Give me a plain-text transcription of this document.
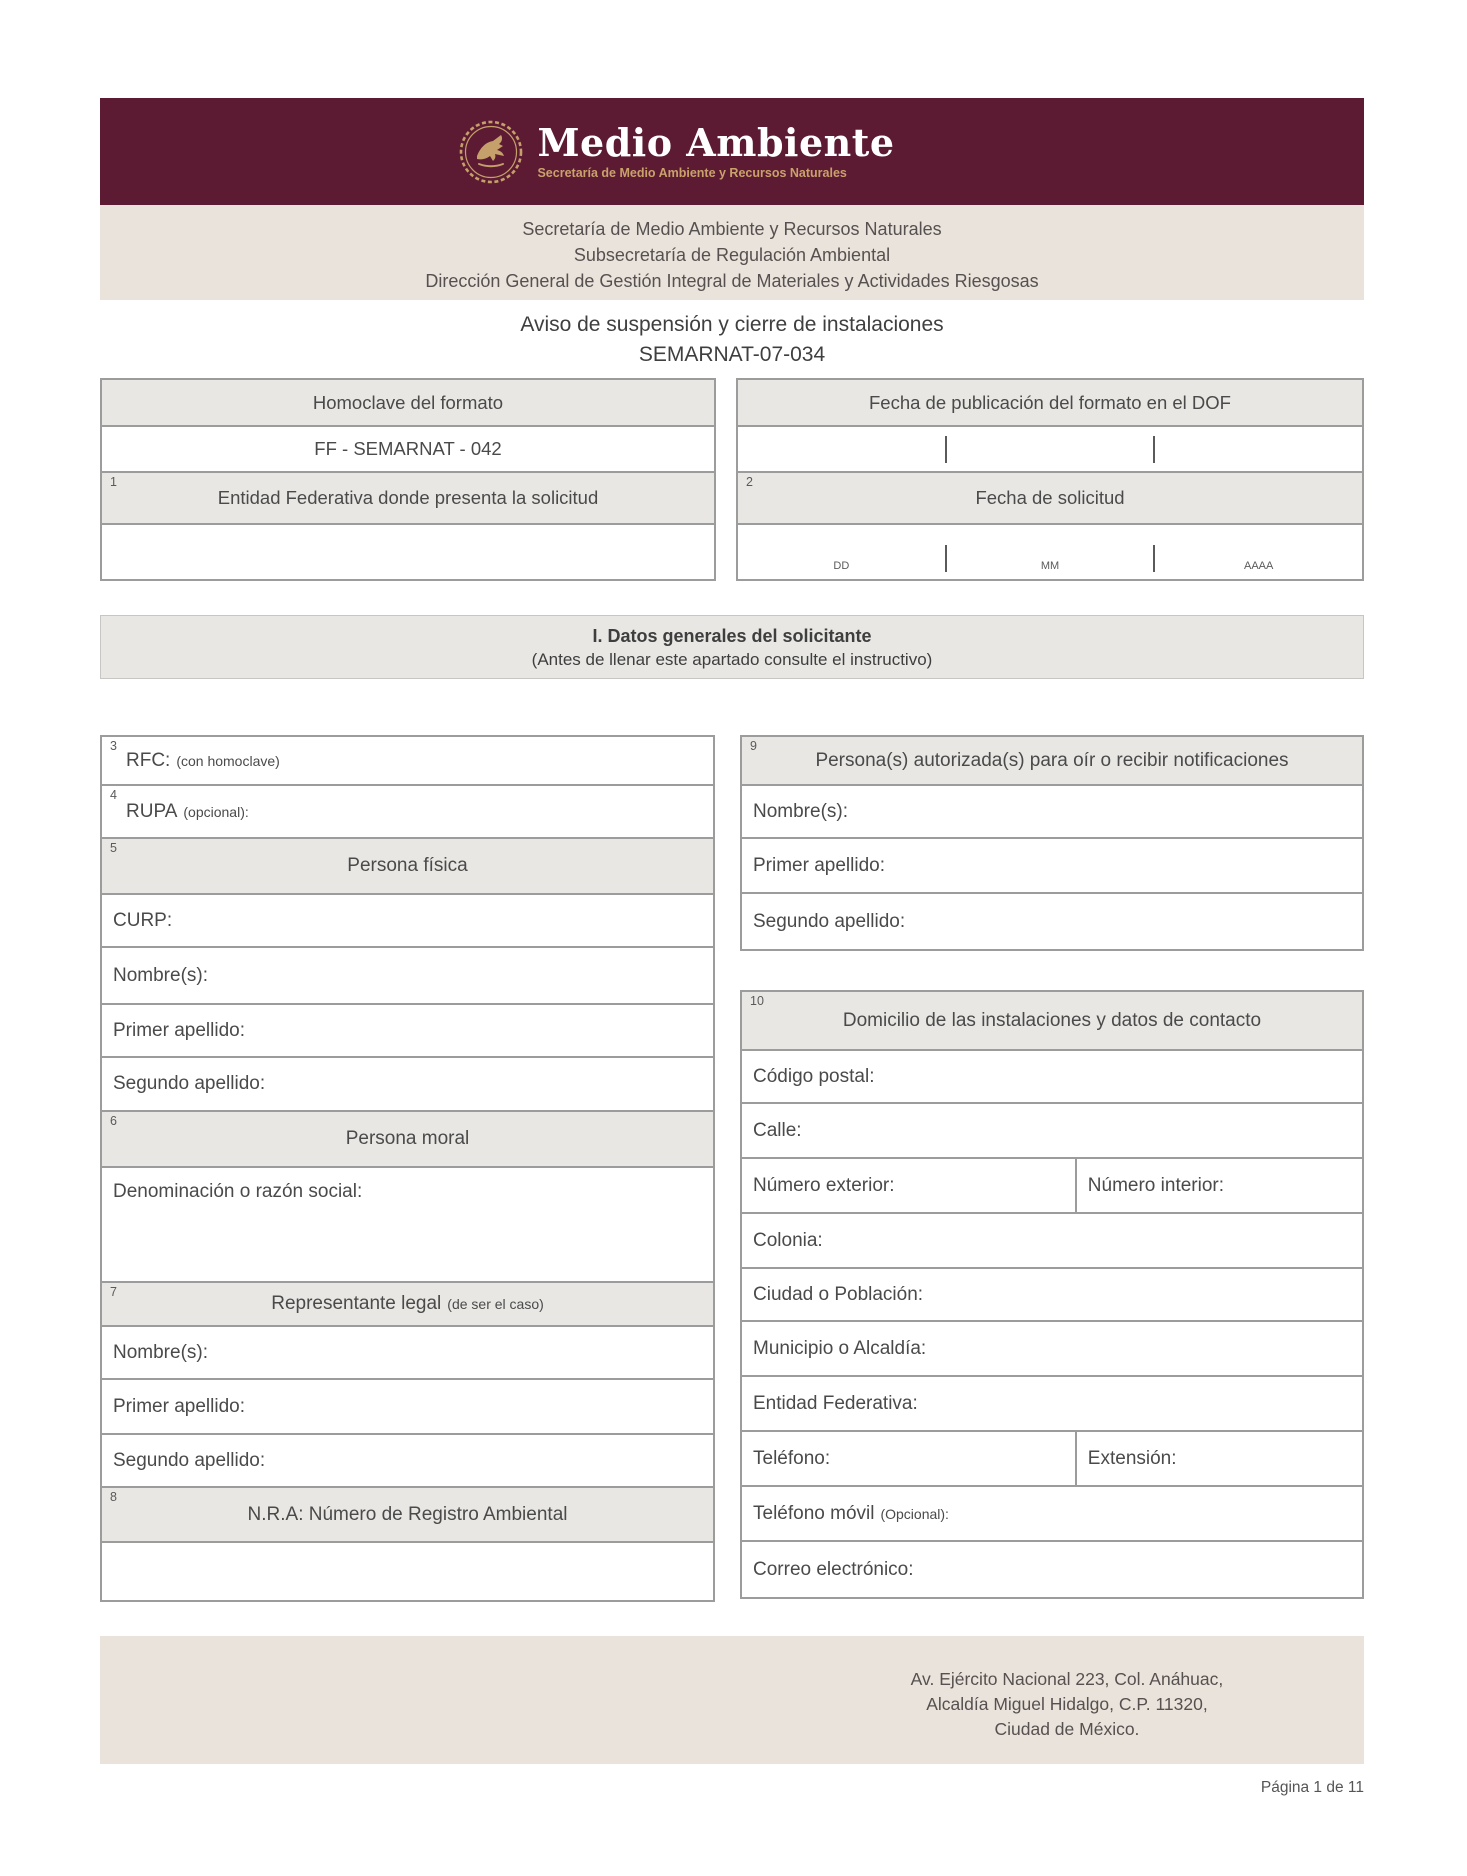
Medio Ambiente
Secretaría de Medio Ambiente y Recursos Naturales
Secretaría de Medio Ambiente y Recursos Naturales
Subsecretaría de Regulación Ambiental
Dirección General de Gestión Integral de Materiales y Actividades Riesgosas
Aviso de suspensión y cierre de instalaciones
SEMARNAT-07-034
Homoclave del formato
FF - SEMARNAT - 042
1
Entidad Federativa donde presenta la solicitud
Fecha de publicación del formato en el DOF
2
Fecha de solicitud
DD	MM	AAAA
I. Datos generales del solicitante
(Antes de llenar este apartado consulte el instructivo)
3
RFC: (con homoclave)
4
RUPA (opcional):
5
Persona física
CURP:
Nombre(s):
Primer apellido:
Segundo apellido:
6
Persona moral
Denominación o razón social:
7
Representante legal (de ser el caso)
Nombre(s):
Primer apellido:
Segundo apellido:
8
N.R.A: Número de Registro Ambiental
9
Persona(s) autorizada(s) para oír o recibir notificaciones
Nombre(s):
Primer apellido:
Segundo apellido:
10
Domicilio de las instalaciones y datos de contacto
Código postal:
Calle:
Número exterior:	Número interior:
Colonia:
Ciudad o Población:
Municipio o Alcaldía:
Entidad Federativa:
Teléfono:	Extensión:
Teléfono móvil (Opcional):
Correo electrónico:
Av. Ejército Nacional 223, Col. Anáhuac,
Alcaldía Miguel Hidalgo, C.P. 11320,
Ciudad de México.
Página 1 de 11
